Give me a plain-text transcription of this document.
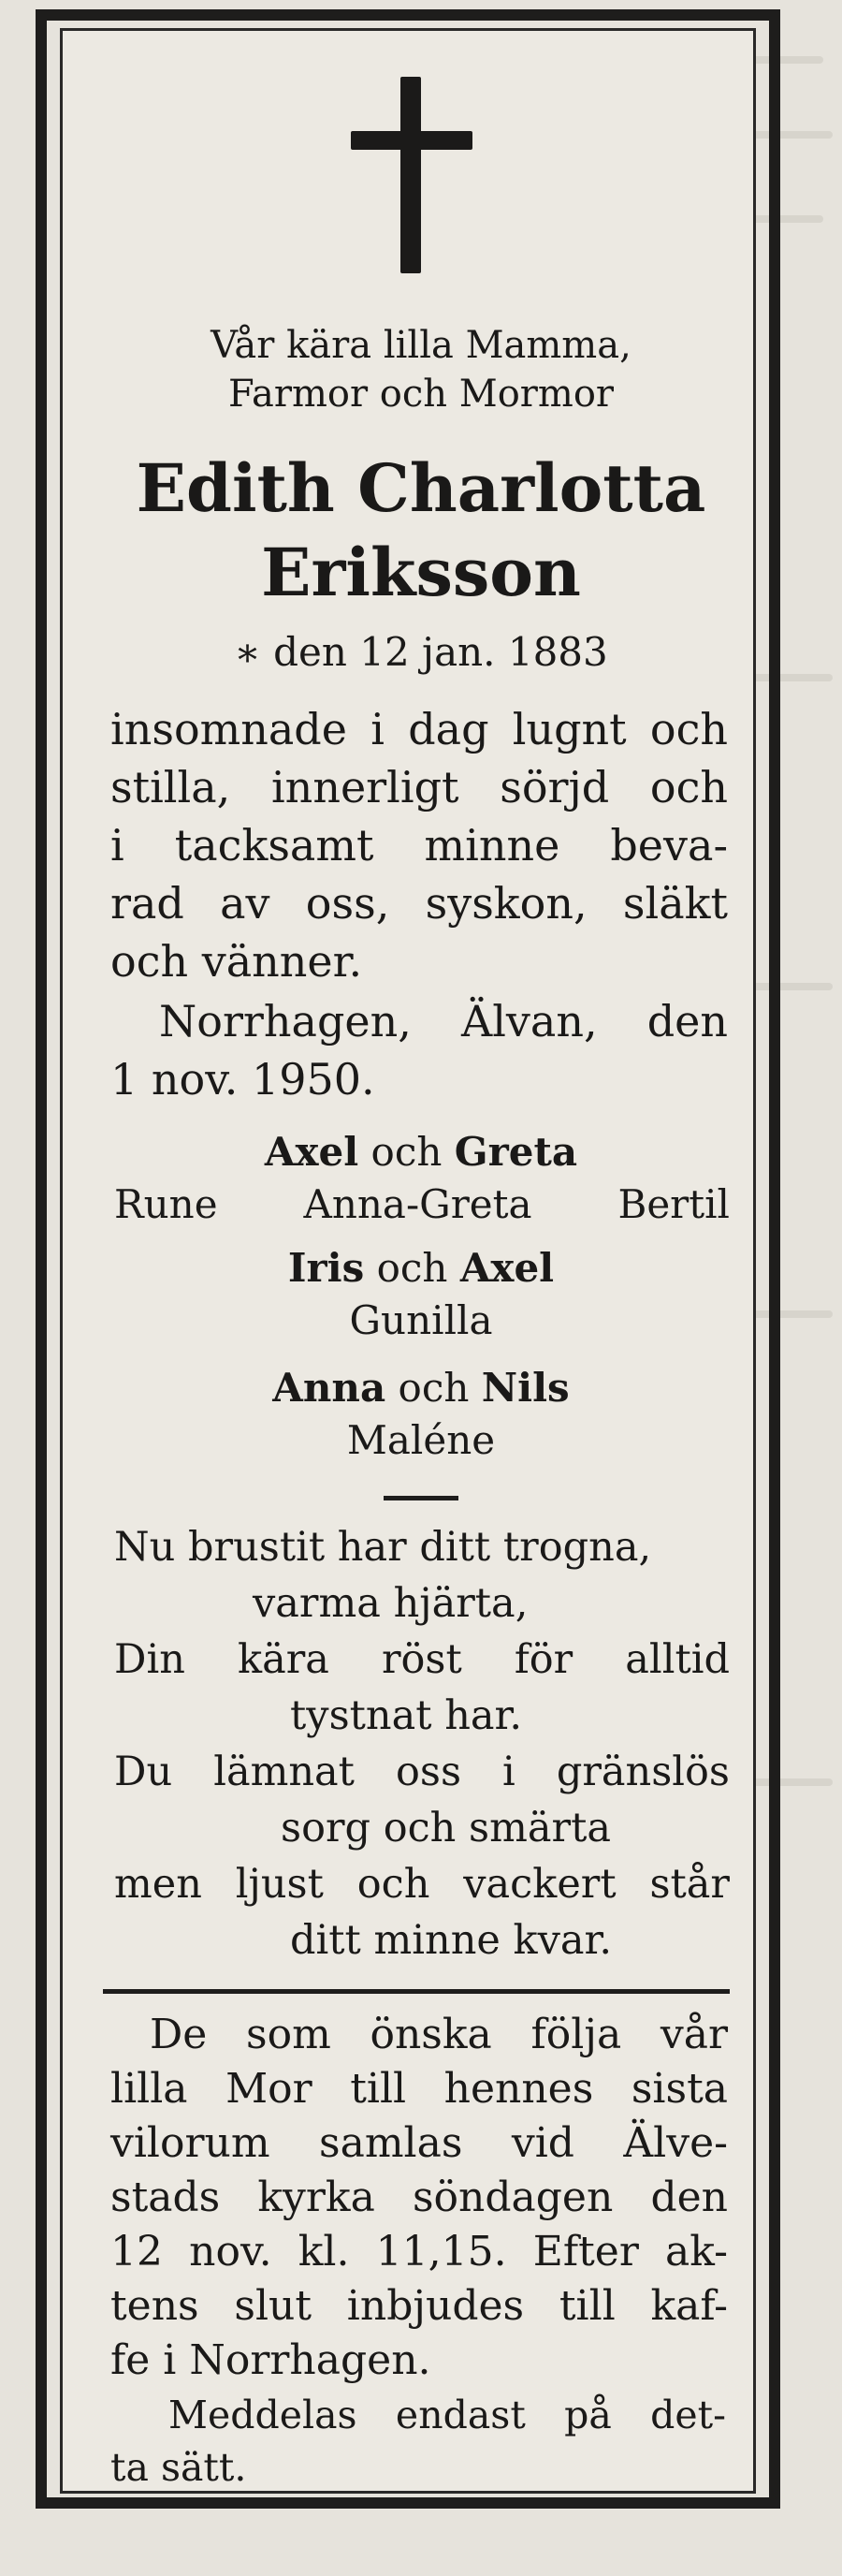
Vår kära lilla Mamma,
Farmor och Mormor
Edith Charlotta
Eriksson
∗ den 12 jan. 1883
insomnade i dag lugnt och
stilla, innerligt sörjd och
i tacksamt minne beva-
rad av oss, syskon, släkt
och vänner.
Norrhagen, Älvan, den
1 nov. 1950.
Axel och Greta
Rune Anna-Greta Bertil
Iris och Axel
Gunilla
Anna och Nils
Maléne
Nu brustit har ditt trogna,
varma hjärta,
Din kära röst för alltid
tystnat har.
Du lämnat oss i gränslös
sorg och smärta
men ljust och vackert står
ditt minne kvar.
De som önska följa vår
lilla Mor till hennes sista
vilorum samlas vid Älve-
stads kyrka söndagen den
12 nov. kl. 11,15. Efter ak-
tens slut inbjudes till kaf-
fe i Norrhagen.
Meddelas endast på det-
ta sätt.
